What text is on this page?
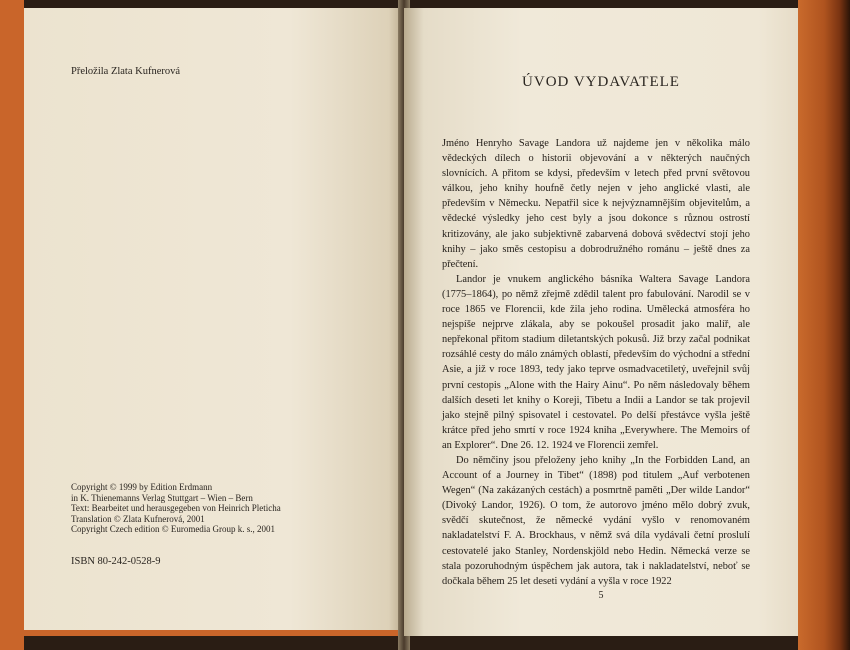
Přeložila Zlata Kufnerová
Copyright © 1999 by Edition Erdmann
in K. Thienemanns Verlag Stuttgart – Wien – Bern
Text: Bearbeitet und herausgegeben von Heinrich Pleticha
Translation © Zlata Kufnerová, 2001
Copyright Czech edition © Euromedia Group k. s., 2001
ISBN 80-242-0528-9
ÚVOD VYDAVATELE

Jméno Henryho Savage Landora už najdeme jen v několika málo vědeckých dílech o historii objevování a v některých naučných slovnících. A přitom se kdysi, především v letech před první světovou válkou, jeho knihy houfně četly nejen v jeho anglické vlasti, ale především v Německu. Nepatřil sice k nejvýznamnějším objevitelům, a vědecké výsledky jeho cest byly a jsou dokonce s různou ostrostí kritizovány, ale jako subjektivně zabarvená dobová svědectví stojí jeho knihy – jako směs cestopisu a dobrodružného románu – ještě dnes za přečtení.

Landor je vnukem anglického básníka Waltera Savage Landora (1775–1864), po němž zřejmě zdědil talent pro fabulování. Narodil se v roce 1865 ve Florencii, kde žila jeho rodina. Umělecká atmosféra ho nejspíše nejprve zlákala, aby se pokoušel prosadit jako malíř, ale nepřekonal přitom stadium diletantských pokusů. Již brzy začal podnikat rozsáhlé cesty do málo známých oblastí, především do východní a střední Asie, a již v roce 1893, tedy jako teprve osmadvacetiletý, uveřejnil svůj první cestopis „Alone with the Hairy Ainu“. Po něm následovaly během dalších deseti let knihy o Koreji, Tibetu a Indii a Landor se tak projevil jako stejně pilný spisovatel i cestovatel. Po delší přestávce vyšla ještě krátce před jeho smrtí v roce 1924 kniha „Everywhere. The Memoirs of an Explorer“. Dne 26. 12. 1924 ve Florencii zemřel.

Do němčiny jsou přeloženy jeho knihy „In the Forbidden Land, an Account of a Journey in Tibet“ (1898) pod titulem „Auf verbotenen Wegen“ (Na zakázaných cestách) a posmrtně paměti „Der wilde Landor“ (Divoký Landor, 1926). O tom, že autorovo jméno mělo dobrý zvuk, svědčí skutečnost, že německé vydání vyšlo v renomovaném nakladatelství F. A. Brockhaus, v němž svá díla vydávali četní proslulí cestovatelé jako Stanley, Nordenskjöld nebo Hedin. Německá verze se stala pozoruhodným úspěchem jak autora, tak i nakladatelství, neboť se dočkala během 25 let deseti vydání a vyšla v roce 1922

5
